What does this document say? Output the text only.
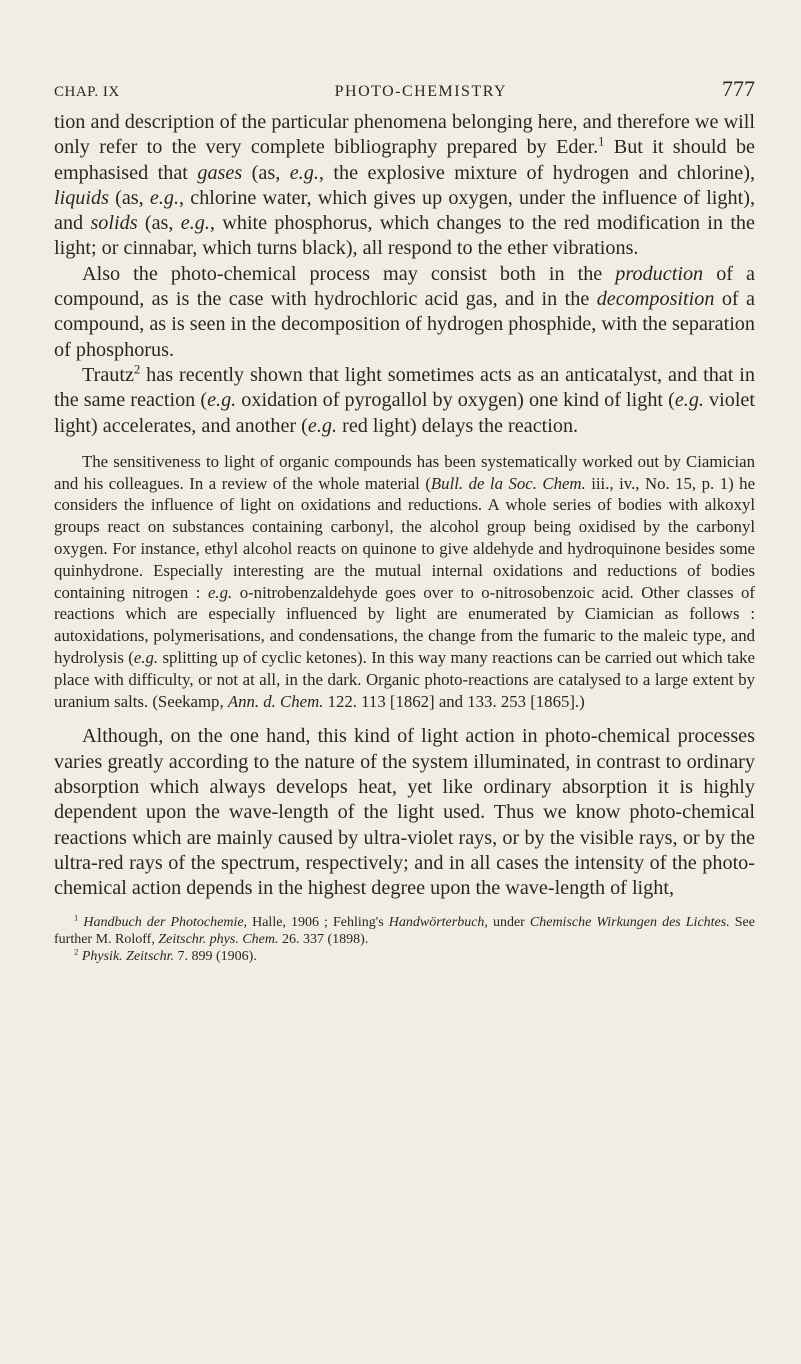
CHAP. IX	PHOTO-CHEMISTRY	777

tion and description of the particular phenomena belonging here, and therefore we will only refer to the very complete bibliography prepared by Eder.$^1$ But it should be emphasised that gases (as, e.g., the explosive mixture of hydrogen and chlorine), liquids (as, e.g., chlorine water, which gives up oxygen, under the influence of light), and solids (as, e.g., white phosphorus, which changes to the red modification in the light; or cinnabar, which turns black), all respond to the ether vibrations.

Also the photo-chemical process may consist both in the production of a compound, as is the case with hydrochloric acid gas, and in the decomposition of a compound, as is seen in the decomposition of hydrogen phosphide, with the separation of phosphorus.

Trautz$^2$ has recently shown that light sometimes acts as an anticatalyst, and that in the same reaction (e.g. oxidation of pyrogallol by oxygen) one kind of light (e.g. violet light) accelerates, and another (e.g. red light) delays the reaction.

The sensitiveness to light of organic compounds has been systematically worked out by Ciamician and his colleagues. In a review of the whole material (Bull. de la Soc. Chem. iii., iv., No. 15, p. 1) he considers the influence of light on oxidations and reductions. A whole series of bodies with alkoxyl groups react on substances containing carbonyl, the alcohol group being oxidised by the carbonyl oxygen. For instance, ethyl alcohol reacts on quinone to give aldehyde and hydroquinone besides some quinhydrone. Especially interesting are the mutual internal oxidations and reductions of bodies containing nitrogen : e.g. o-nitrobenzaldehyde goes over to o-nitrosobenzoic acid. Other classes of reactions which are especially influenced by light are enumerated by Ciamician as follows : autoxidations, polymerisations, and condensations, the change from the fumaric to the maleic type, and hydrolysis (e.g. splitting up of cyclic ketones). In this way many reactions can be carried out which take place with difficulty, or not at all, in the dark. Organic photo-reactions are catalysed to a large extent by uranium salts. (Seekamp, Ann. d. Chem. 122. 113 [1862] and 133. 253 [1865].)

Although, on the one hand, this kind of light action in photo-chemical processes varies greatly according to the nature of the system illuminated, in contrast to ordinary absorption which always develops heat, yet like ordinary absorption it is highly dependent upon the wave-length of the light used. Thus we know photo-chemical reactions which are mainly caused by ultra-violet rays, or by the visible rays, or by the ultra-red rays of the spectrum, respectively; and in all cases the intensity of the photo-chemical action depends in the highest degree upon the wave-length of light,

$^1$ Handbuch der Photochemie, Halle, 1906 ; Fehling's Handwörterbuch, under Chemische Wirkungen des Lichtes. See further M. Roloff, Zeitschr. phys. Chem. 26. 337 (1898).

$^2$ Physik. Zeitschr. 7. 899 (1906).
